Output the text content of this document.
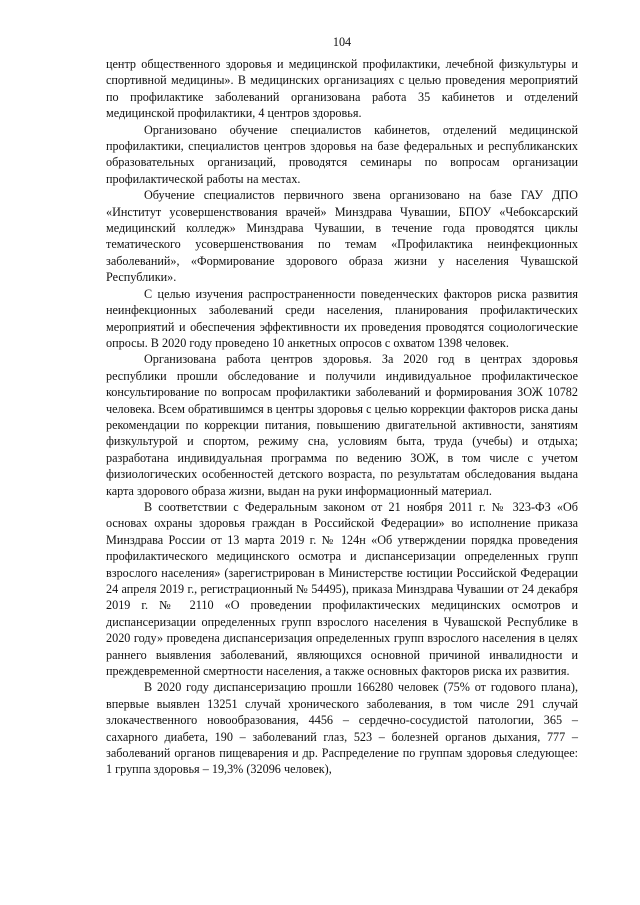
104

центр общественного здоровья и медицинской профилактики, лечебной физкультуры и спортивной медицины». В медицинских организациях с целью проведения мероприятий по профилактике заболеваний организована работа 35 кабинетов и отделений медицинской профилактики, 4 центров здоровья.

Организовано обучение специалистов кабинетов, отделений медицинской профилактики, специалистов центров здоровья на базе федеральных и республиканских образовательных организаций, проводятся семинары по вопросам организации профилактической работы на местах.

Обучение специалистов первичного звена организовано на базе ГАУ ДПО «Институт усовершенствования врачей» Минздрава Чувашии, БПОУ «Чебоксарский медицинский колледж» Минздрава Чувашии, в течение года проводятся циклы тематического усовершенствования по темам «Профилактика неинфекционных заболеваний», «Формирование здорового образа жизни у населения Чувашской Республики».

С целью изучения распространенности поведенческих факторов риска развития неинфекционных заболеваний среди населения, планирования профилактических мероприятий и обеспечения эффективности их проведения проводятся социологические опросы. В 2020 году проведено 10 анкетных опросов с охватом 1398 человек.

Организована работа центров здоровья. За 2020 год в центрах здоровья республики прошли обследование и получили индивидуальное профилактическое консультирование по вопросам профилактики заболеваний и формирования ЗОЖ 10782 человека. Всем обратившимся в центры здоровья с целью коррекции факторов риска даны рекомендации по коррекции питания, повышению двигательной активности, занятиям физкультурой и спортом, режиму сна, условиям быта, труда (учебы) и отдыха; разработана индивидуальная программа по ведению ЗОЖ, в том числе с учетом физиологических особенностей детского возраста, по результатам обследования выдана карта здорового образа жизни, выдан на руки информационный материал.

В соответствии с Федеральным законом от 21 ноября 2011 г. № 323-ФЗ «Об основах охраны здоровья граждан в Российской Федерации» во исполнение приказа Минздрава России от 13 марта 2019 г. № 124н «Об утверждении порядка проведения профилактического медицинского осмотра и диспансеризации определенных групп взрослого населения» (зарегистрирован в Министерстве юстиции Российской Федерации 24 апреля 2019 г., регистрационный № 54495), приказа Минздрава Чувашии от 24 декабря 2019 г. № 2110 «О проведении профилактических медицинских осмотров и диспансеризации определенных групп взрослого населения в Чувашской Республике в 2020 году» проведена диспансеризация определенных групп взрослого населения в целях раннего выявления заболеваний, являющихся основной причиной инвалидности и преждевременной смертности населения, а также основных факторов риска их развития.

В 2020 году диспансеризацию прошли 166280 человек (75% от годового плана), впервые выявлен 13251 случай хронического заболевания, в том числе 291 случай злокачественного новообразования, 4456 – сердечно-сосудистой патологии, 365 – сахарного диабета, 190 – заболеваний глаз, 523 – болезней органов дыхания, 777 – заболеваний органов пищеварения и др. Распределение по группам здоровья следующее: 1 группа здоровья – 19,3% (32096 человек),
